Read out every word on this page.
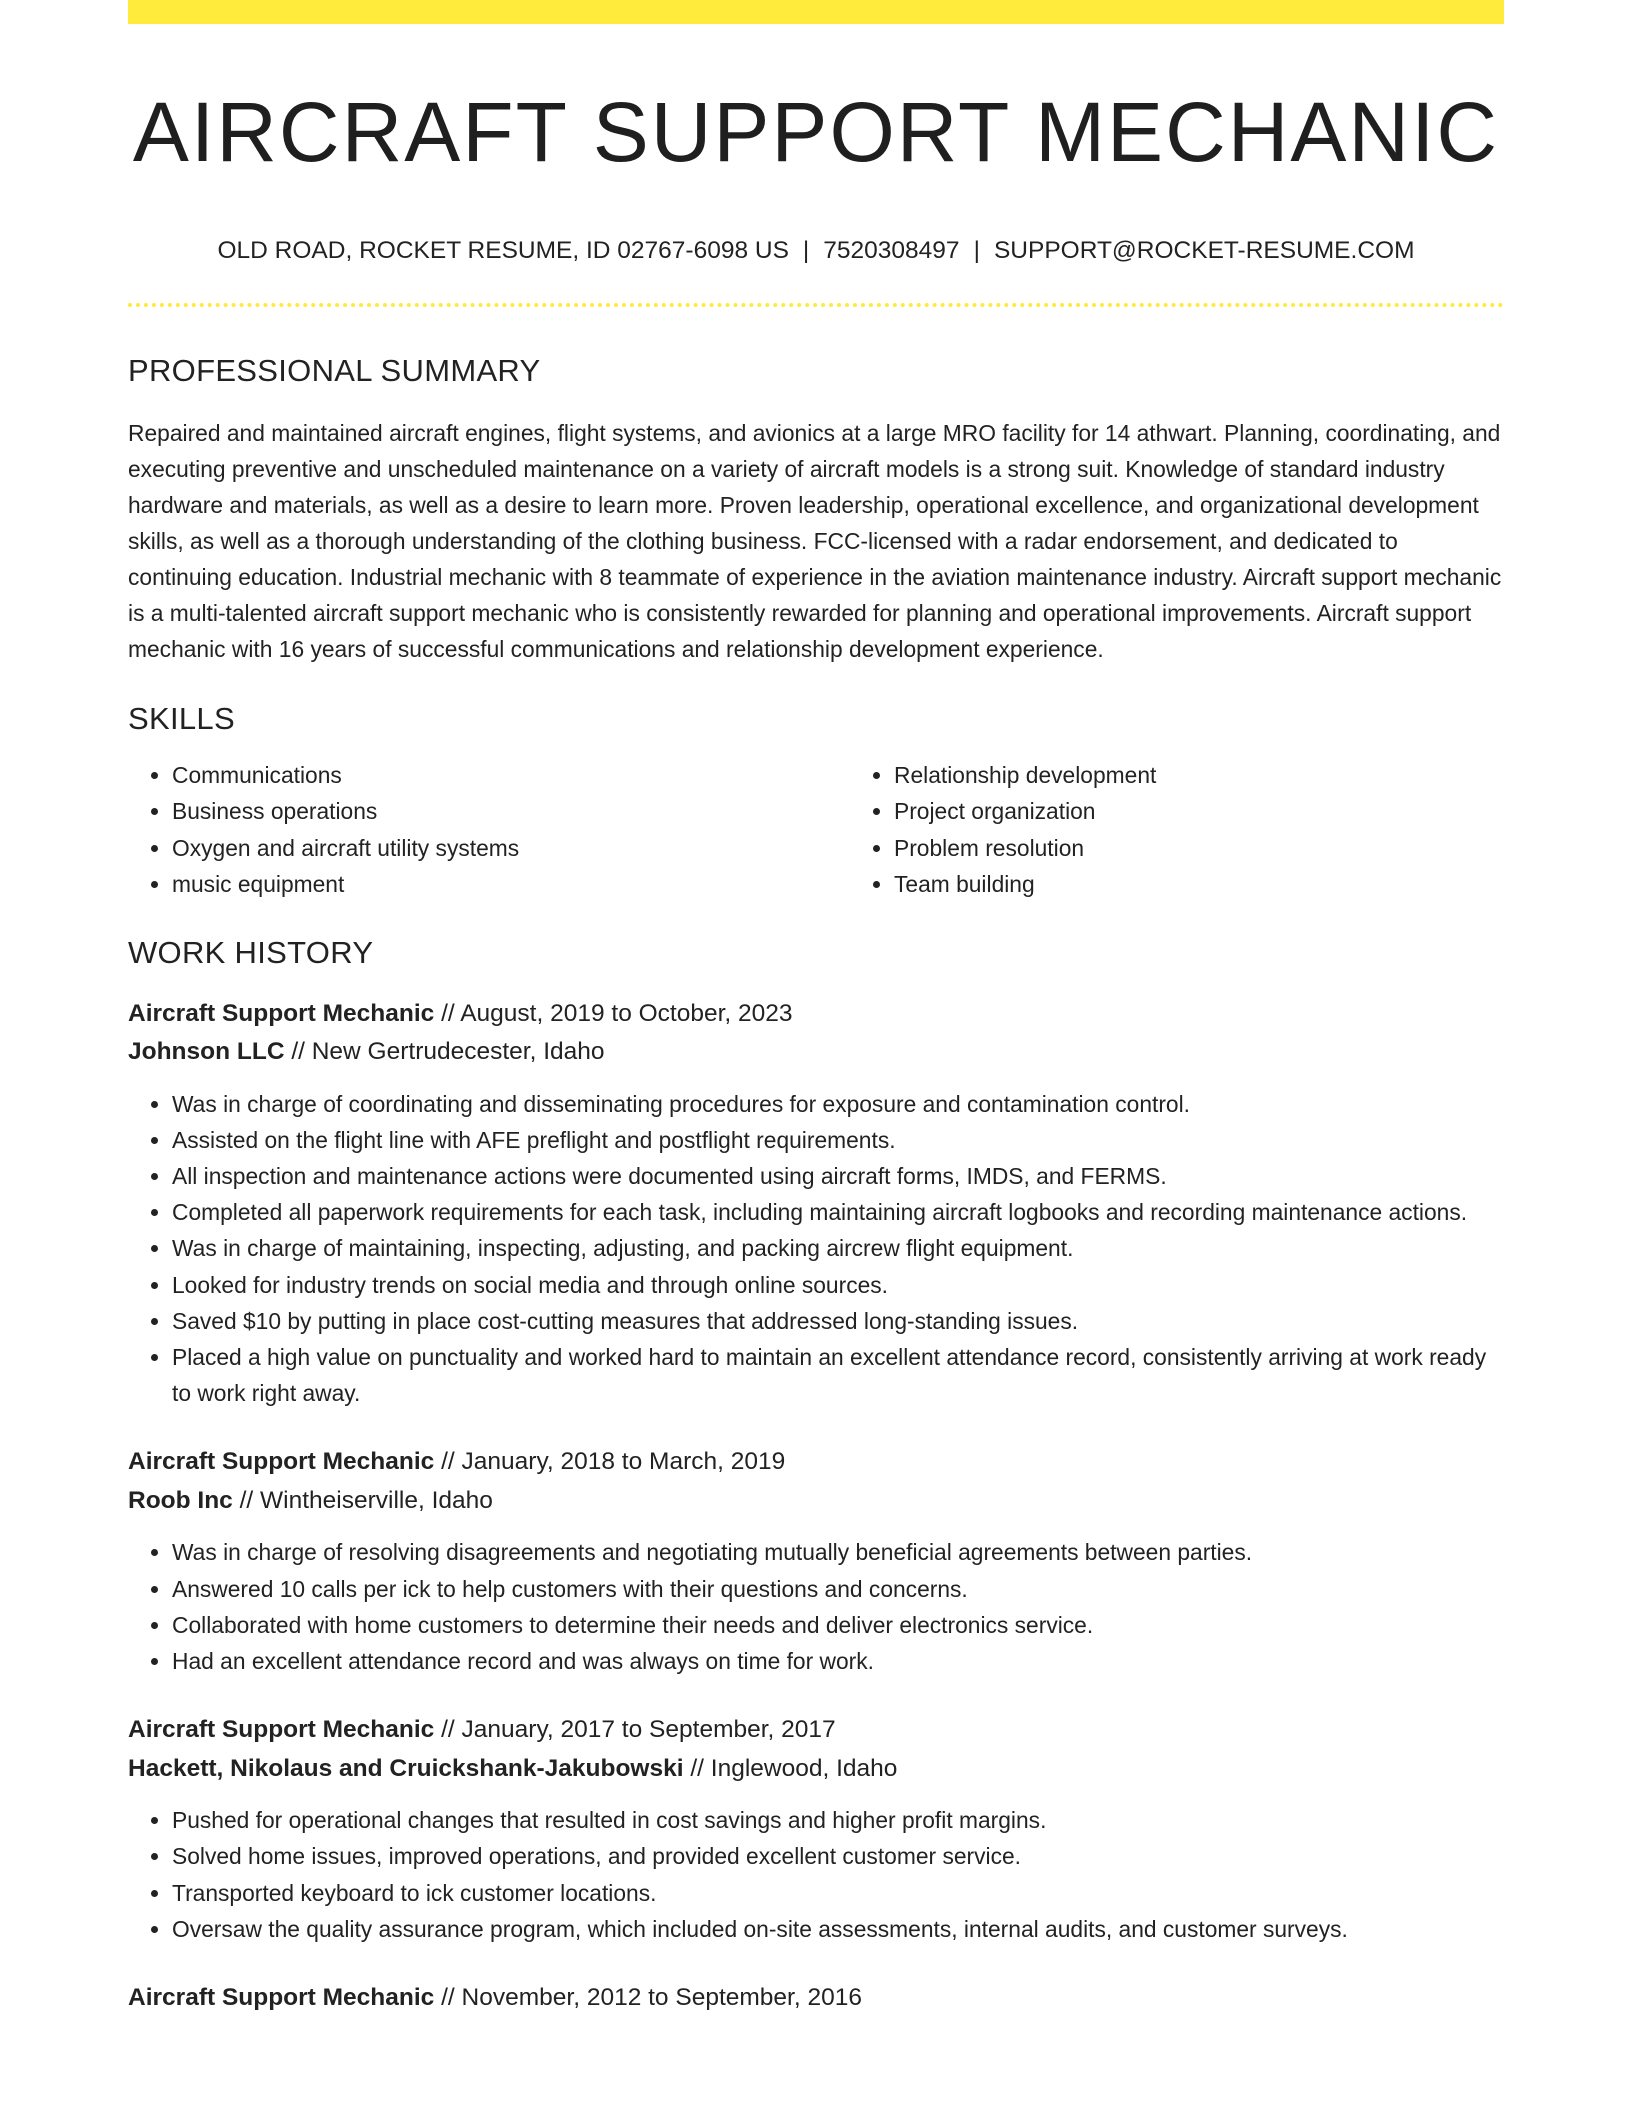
AIRCRAFT SUPPORT MECHANIC
OLD ROAD, ROCKET RESUME, ID 02767-6098 US | 7520308497 | SUPPORT@ROCKET-RESUME.COM
PROFESSIONAL SUMMARY
Repaired and maintained aircraft engines, flight systems, and avionics at a large MRO facility for 14 athwart. Planning, coordinating, and executing preventive and unscheduled maintenance on a variety of aircraft models is a strong suit. Knowledge of standard industry hardware and materials, as well as a desire to learn more. Proven leadership, operational excellence, and organizational development skills, as well as a thorough understanding of the clothing business. FCC-licensed with a radar endorsement, and dedicated to continuing education. Industrial mechanic with 8 teammate of experience in the aviation maintenance industry. Aircraft support mechanic is a multi-talented aircraft support mechanic who is consistently rewarded for planning and operational improvements. Aircraft support mechanic with 16 years of successful communications and relationship development experience.
SKILLS
• Communications
• Business operations
• Oxygen and aircraft utility systems
• music equipment
• Relationship development
• Project organization
• Problem resolution
• Team building
WORK HISTORY
Aircraft Support Mechanic // August, 2019 to October, 2023
Johnson LLC // New Gertrudecester, Idaho
• Was in charge of coordinating and disseminating procedures for exposure and contamination control.
• Assisted on the flight line with AFE preflight and postflight requirements.
• All inspection and maintenance actions were documented using aircraft forms, IMDS, and FERMS.
• Completed all paperwork requirements for each task, including maintaining aircraft logbooks and recording maintenance actions.
• Was in charge of maintaining, inspecting, adjusting, and packing aircrew flight equipment.
• Looked for industry trends on social media and through online sources.
• Saved $10 by putting in place cost-cutting measures that addressed long-standing issues.
• Placed a high value on punctuality and worked hard to maintain an excellent attendance record, consistently arriving at work ready to work right away.
Aircraft Support Mechanic // January, 2018 to March, 2019
Roob Inc // Wintheiserville, Idaho
• Was in charge of resolving disagreements and negotiating mutually beneficial agreements between parties.
• Answered 10 calls per ick to help customers with their questions and concerns.
• Collaborated with home customers to determine their needs and deliver electronics service.
• Had an excellent attendance record and was always on time for work.
Aircraft Support Mechanic // January, 2017 to September, 2017
Hackett, Nikolaus and Cruickshank-Jakubowski // Inglewood, Idaho
• Pushed for operational changes that resulted in cost savings and higher profit margins.
• Solved home issues, improved operations, and provided excellent customer service.
• Transported keyboard to ick customer locations.
• Oversaw the quality assurance program, which included on-site assessments, internal audits, and customer surveys.
Aircraft Support Mechanic // November, 2012 to September, 2016
